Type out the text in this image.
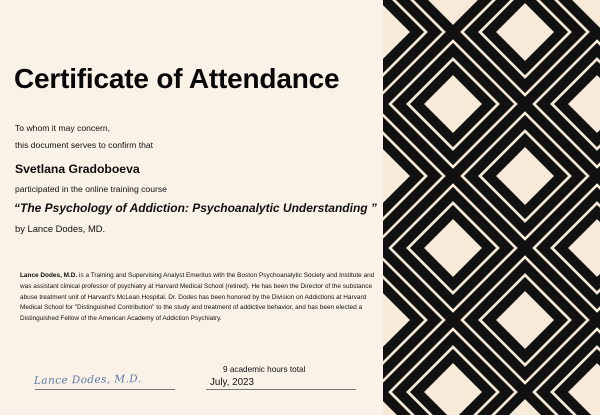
Certificate of Attendance
To whom it may concern,
this document serves to confirm that
Svetlana Gradoboeva
participated in the online training course
“The Psychology of Addiction: Psychoanalytic Understanding ”
by Lance Dodes, MD.

Lance Dodes, M.D. is a Training and Supervising Analyst Emeritus with the Boston Psychoanalytic Society and Institute and was assistant clinical professor of psychiatry at Harvard Medical School (retired). He has been the Director of the substance abuse treatment unit of Harvard's McLean Hospital. Dr. Dodes has been honored by the Division on Addictions at Harvard Medical School for "Distinguished Contribution" to the study and treatment of addictive behavior, and has been elected a Distinguished Fellow of the American Academy of Addiction Psychiatry.

Lance Dodes, M.D.
9 academic hours total
July, 2023
